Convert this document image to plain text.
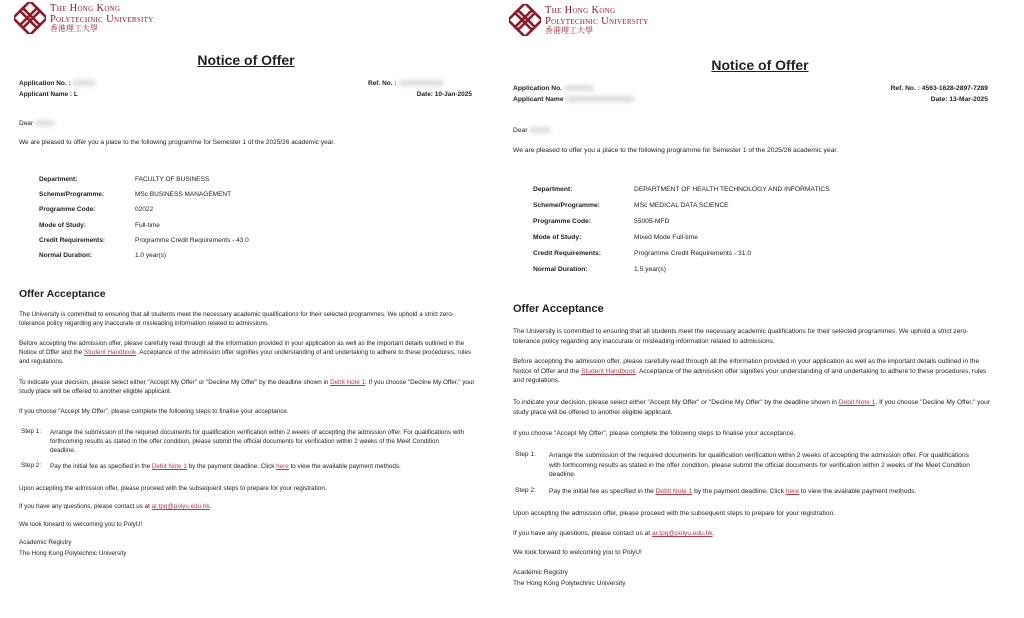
The Hong Kong
Polytechnic University
香港理工大學
Notice of Offer
Application No. :
Applicant Name : L
Ref. No. :
Date: 10-Jan-2025
Dear
We are pleased to offer you a place to the following programme for Semester 1 of the 2025/26 academic year.
Department:	FACULTY OF BUSINESS
Scheme/Programme:	MSc BUSINESS MANAGEMENT
Programme Code:	02022
Mode of Study:	Full-time
Credit Requirements:	Programme Credit Requirements - 43.0
Normal Duration:	1.0 year(s)
Offer Acceptance
The University is committed to ensuring that all students meet the necessary academic qualifications for their selected programmes. We uphold a strict zero-tolerance policy regarding any inaccurate or misleading information related to admissions.
Before accepting the admission offer, please carefully read through all the information provided in your application as well as the important details outlined in the Notice of Offer and the Student Handbook. Acceptance of the admission offer signifies your understanding of and undertaking to adhere to these procedures, rules and regulations.
To indicate your decision, please select either "Accept My Offer" or "Decline My Offer" by the deadline shown in Debit Note 1. If you choose "Decline My Offer," your study place will be offered to another eligible applicant.
If you choose "Accept My Offer", please complete the following steps to finalise your acceptance.
Step 1:	Arrange the submission of the required documents for qualification verification within 2 weeks of accepting the admission offer. For qualifications with forthcoming results as stated in the offer condition, please submit the official documents for verification within 2 weeks of the Meet Condition deadline.
Step 2:	Pay the initial fee as specified in the Debit Note 1 by the payment deadline. Click here to view the available payment methods.
Upon accepting the admission offer, please proceed with the subsequent steps to prepare for your registration.
If you have any questions, please contact us at ar.tpg@polyu.edu.hk.
We look forward to welcoming you to PolyU!
Academic Registry
The Hong Kong Polytechnic University
The Hong Kong
Polytechnic University
香港理工大學
Notice of Offer
Application No.
Applicant Name
Ref. No. : 4563-1628-2897-7289
Date: 13-Mar-2025
Dear
We are pleased to offer you a place to the following programme for Semester 1 of the 2025/26 academic year.
Department:	DEPARTMENT OF HEALTH TECHNOLOGY AND INFORMATICS
Scheme/Programme:	MSc MEDICAL DATA SCIENCE
Programme Code:	55005-MFD
Mode of Study:	Mixed Mode Full-time
Credit Requirements:	Programme Credit Requirements - 31.0
Normal Duration:	1.5 year(s)
Offer Acceptance
The University is committed to ensuring that all students meet the necessary academic qualifications for their selected programmes. We uphold a strict zero-tolerance policy regarding any inaccurate or misleading information related to admissions.
Before accepting the admission offer, please carefully read through all the information provided in your application as well as the important details outlined in the Notice of Offer and the Student Handbook. Acceptance of the admission offer signifies your understanding of and undertaking to adhere to these procedures, rules and regulations.
To indicate your decision, please select either "Accept My Offer" or "Decline My Offer" by the deadline shown in Debit Note 1. If you choose "Decline My Offer," your study place will be offered to another eligible applicant.
If you choose "Accept My Offer", please complete the following steps to finalise your acceptance.
Step 1:	Arrange the submission of the required documents for qualification verification within 2 weeks of accepting the admission offer. For qualifications with forthcoming results as stated in the offer condition, please submit the official documents for verification within 2 weeks of the Meet Condition deadline.
Step 2:	Pay the initial fee as specified in the Debit Note 1 by the payment deadline. Click here to view the available payment methods.
Upon accepting the admission offer, please proceed with the subsequent steps to prepare for your registration.
If you have any questions, please contact us at ar.tpg@polyu.edu.hk.
We look forward to welcoming you to PolyU!
Academic Registry
The Hong Kong Polytechnic University
